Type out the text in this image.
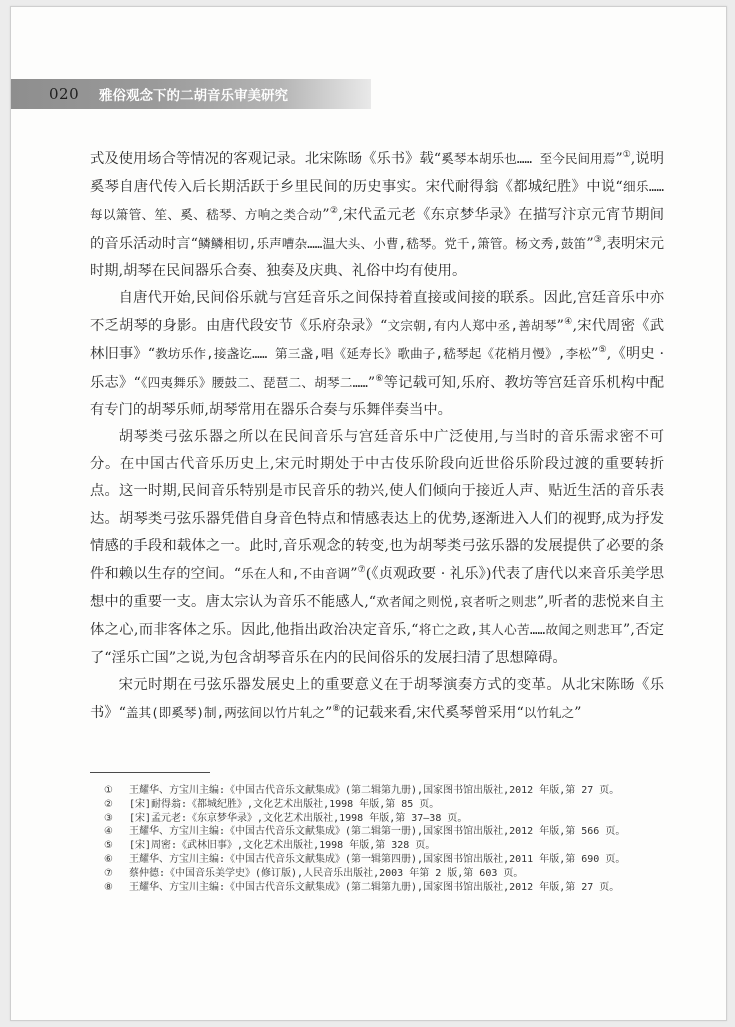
020	雅俗观念下的二胡音乐审美研究

式及使用场合等情况的客观记录。北宋陈旸《乐书》载“奚琴本胡乐也…… 至今民间用焉”①,说明奚琴自唐代传入后长期活跃于乡里民间的历史事实。宋代耐得翁《都城纪胜》中说“细乐……每以箫管、笙、奚、嵇琴、方响之类合动”②,宋代孟元老《东京梦华录》在描写汴京元宵节期间的音乐活动时言“鳞鳞相切,乐声嘈杂……温大头、小曹,嵇琴。党千,箫管。杨文秀,鼓笛”③,表明宋元时期,胡琴在民间器乐合奏、独奏及庆典、礼俗中均有使用。

自唐代开始,民间俗乐就与宫廷音乐之间保持着直接或间接的联系。因此,宫廷音乐中亦不乏胡琴的身影。由唐代段安节《乐府杂录》“文宗朝,有内人郑中丞,善胡琴”④,宋代周密《武林旧事》“教坊乐作,接盏讫…… 第三盏,唱《延寿长》歌曲子,嵇琴起《花梢月慢》,李松”⑤,《明史 · 乐志》“《四夷舞乐》腰鼓二、琵琶二、胡琴二……”⑥等记载可知,乐府、教坊等宫廷音乐机构中配有专门的胡琴乐师,胡琴常用在器乐合奏与乐舞伴奏当中。

胡琴类弓弦乐器之所以在民间音乐与宫廷音乐中广泛使用,与当时的音乐需求密不可分。在中国古代音乐历史上,宋元时期处于中古伎乐阶段向近世俗乐阶段过渡的重要转折点。这一时期,民间音乐特别是市民音乐的勃兴,使人们倾向于接近人声、贴近生活的音乐表达。胡琴类弓弦乐器凭借自身音色特点和情感表达上的优势,逐渐进入人们的视野,成为抒发情感的手段和载体之一。此时,音乐观念的转变,也为胡琴类弓弦乐器的发展提供了必要的条件和赖以生存的空间。“乐在人和,不由音调”⑦(《贞观政要 · 礼乐》)代表了唐代以来音乐美学思想中的重要一支。唐太宗认为音乐不能感人,“欢者闻之则悦,哀者听之则悲”,听者的悲悦来自主体之心,而非客体之乐。因此,他指出政治决定音乐,“将亡之政,其人心苦……故闻之则悲耳”,否定了“淫乐亡国”之说,为包含胡琴音乐在内的民间俗乐的发展扫清了思想障碍。

宋元时期在弓弦乐器发展史上的重要意义在于胡琴演奏方式的变革。从北宋陈旸《乐书》“盖其(即奚琴)制,两弦间以竹片轧之”⑧的记载来看,宋代奚琴曾采用“以竹轧之”

① 王耀华、方宝川主编:《中国古代音乐文献集成》(第二辑第九册),国家图书馆出版社,2012 年版,第 27 页。
② [宋]耐得翁:《都城纪胜》,文化艺术出版社,1998 年版,第 85 页。
③ [宋]孟元老:《东京梦华录》,文化艺术出版社,1998 年版,第 37—38 页。
④ 王耀华、方宝川主编:《中国古代音乐文献集成》(第二辑第一册),国家图书馆出版社,2012 年版,第 566 页。
⑤ [宋]周密:《武林旧事》,文化艺术出版社,1998 年版,第 328 页。
⑥ 王耀华、方宝川主编:《中国古代音乐文献集成》(第一辑第四册),国家图书馆出版社,2011 年版,第 690 页。
⑦ 蔡仲德:《中国音乐美学史》(修订版),人民音乐出版社,2003 年第 2 版,第 603 页。
⑧ 王耀华、方宝川主编:《中国古代音乐文献集成》(第二辑第九册),国家图书馆出版社,2012 年版,第 27 页。
